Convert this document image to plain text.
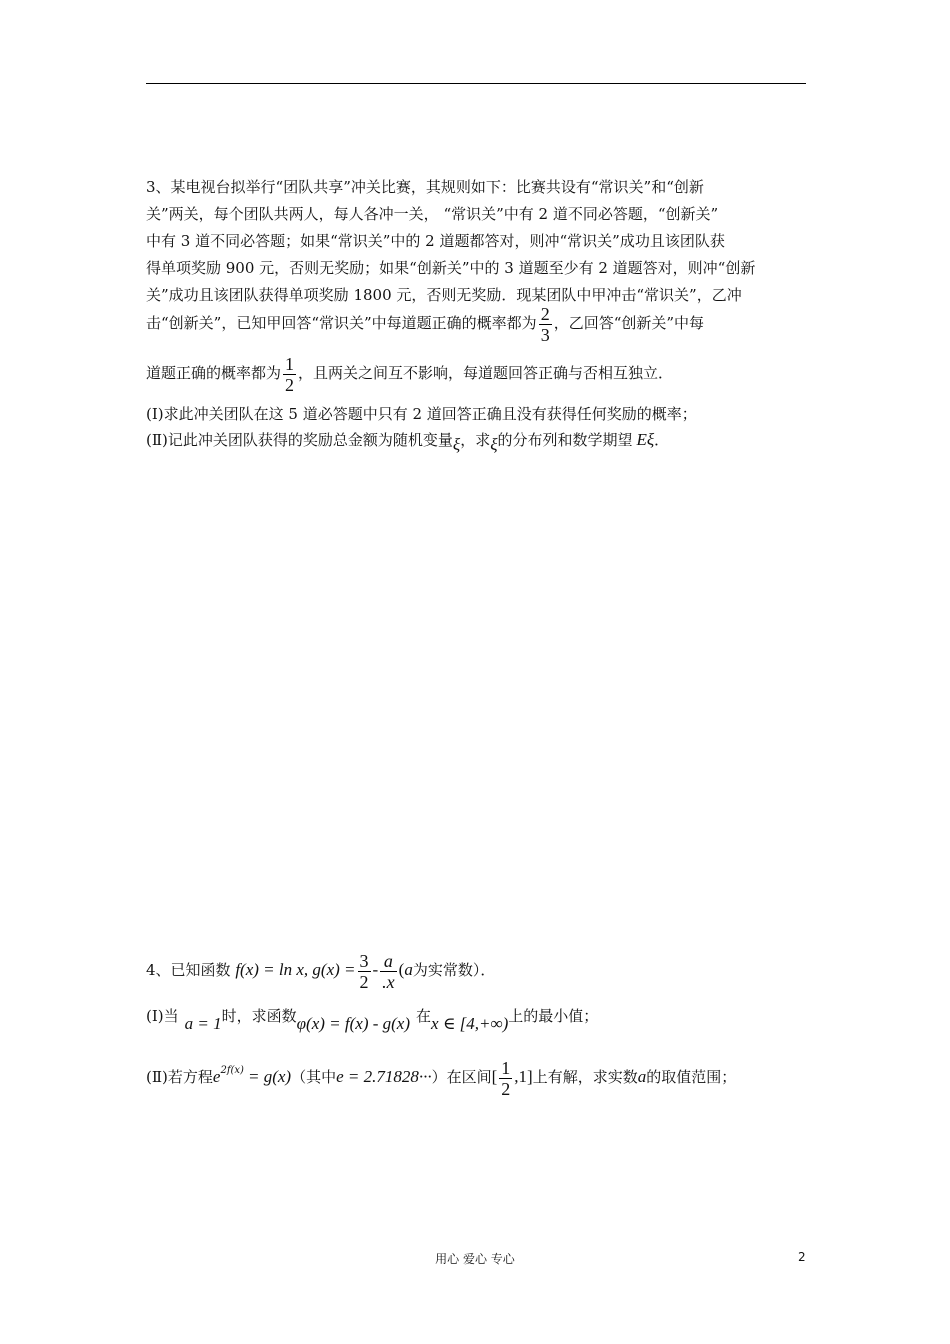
3、某电视台拟举行“团队共享”冲关比赛，其规则如下：比赛共设有“常识关”和“创新
关”两关，每个团队共两人，每人各冲一关， “常识关”中有 2 道不同必答题，“创新关”
中有 3 道不同必答题；如果“常识关”中的 2 道题都答对，则冲“常识关”成功且该团队获
得单项奖励 900 元，否则无奖励；如果“创新关”中的 3 道题至少有 2 道题答对，则冲“创新
关”成功且该团队获得单项奖励 1800 元，否则无奖励．现某团队中甲冲击“常识关”，乙冲
击“创新关”，已知甲回答“常识关”中每道题正确的概率都为 $\frac{2}{3}$ ，乙回答“创新关”中每
道题正确的概率都为 $\frac{1}{2}$ ，且两关之间互不影响，每道题回答正确与否相互独立．
(Ⅰ)求此冲关团队在这 5 道必答题中只有 2 道回答正确且没有获得任何奖励的概率；
(Ⅱ)记此冲关团队获得的奖励总金额为随机变量ξ，求ξ的分布列和数学期望 Eξ．
4、已知函数 f(x) = ln x, $g(x) = \frac{3}{2} - \frac{a}{.x} (a$为实常数）．
(Ⅰ)当 a = 1时，求函数φ(x) = f(x) - g(x) 在x ∈ [4,+∞)上的最小值；
(Ⅱ)若方程$e^{2f(x)} = g(x)$（其中e = 2.71828···）在区间[ $\frac{1}{2} ,1$]上有解，求实数a的取值范围；
用心 爱心 专心	2
